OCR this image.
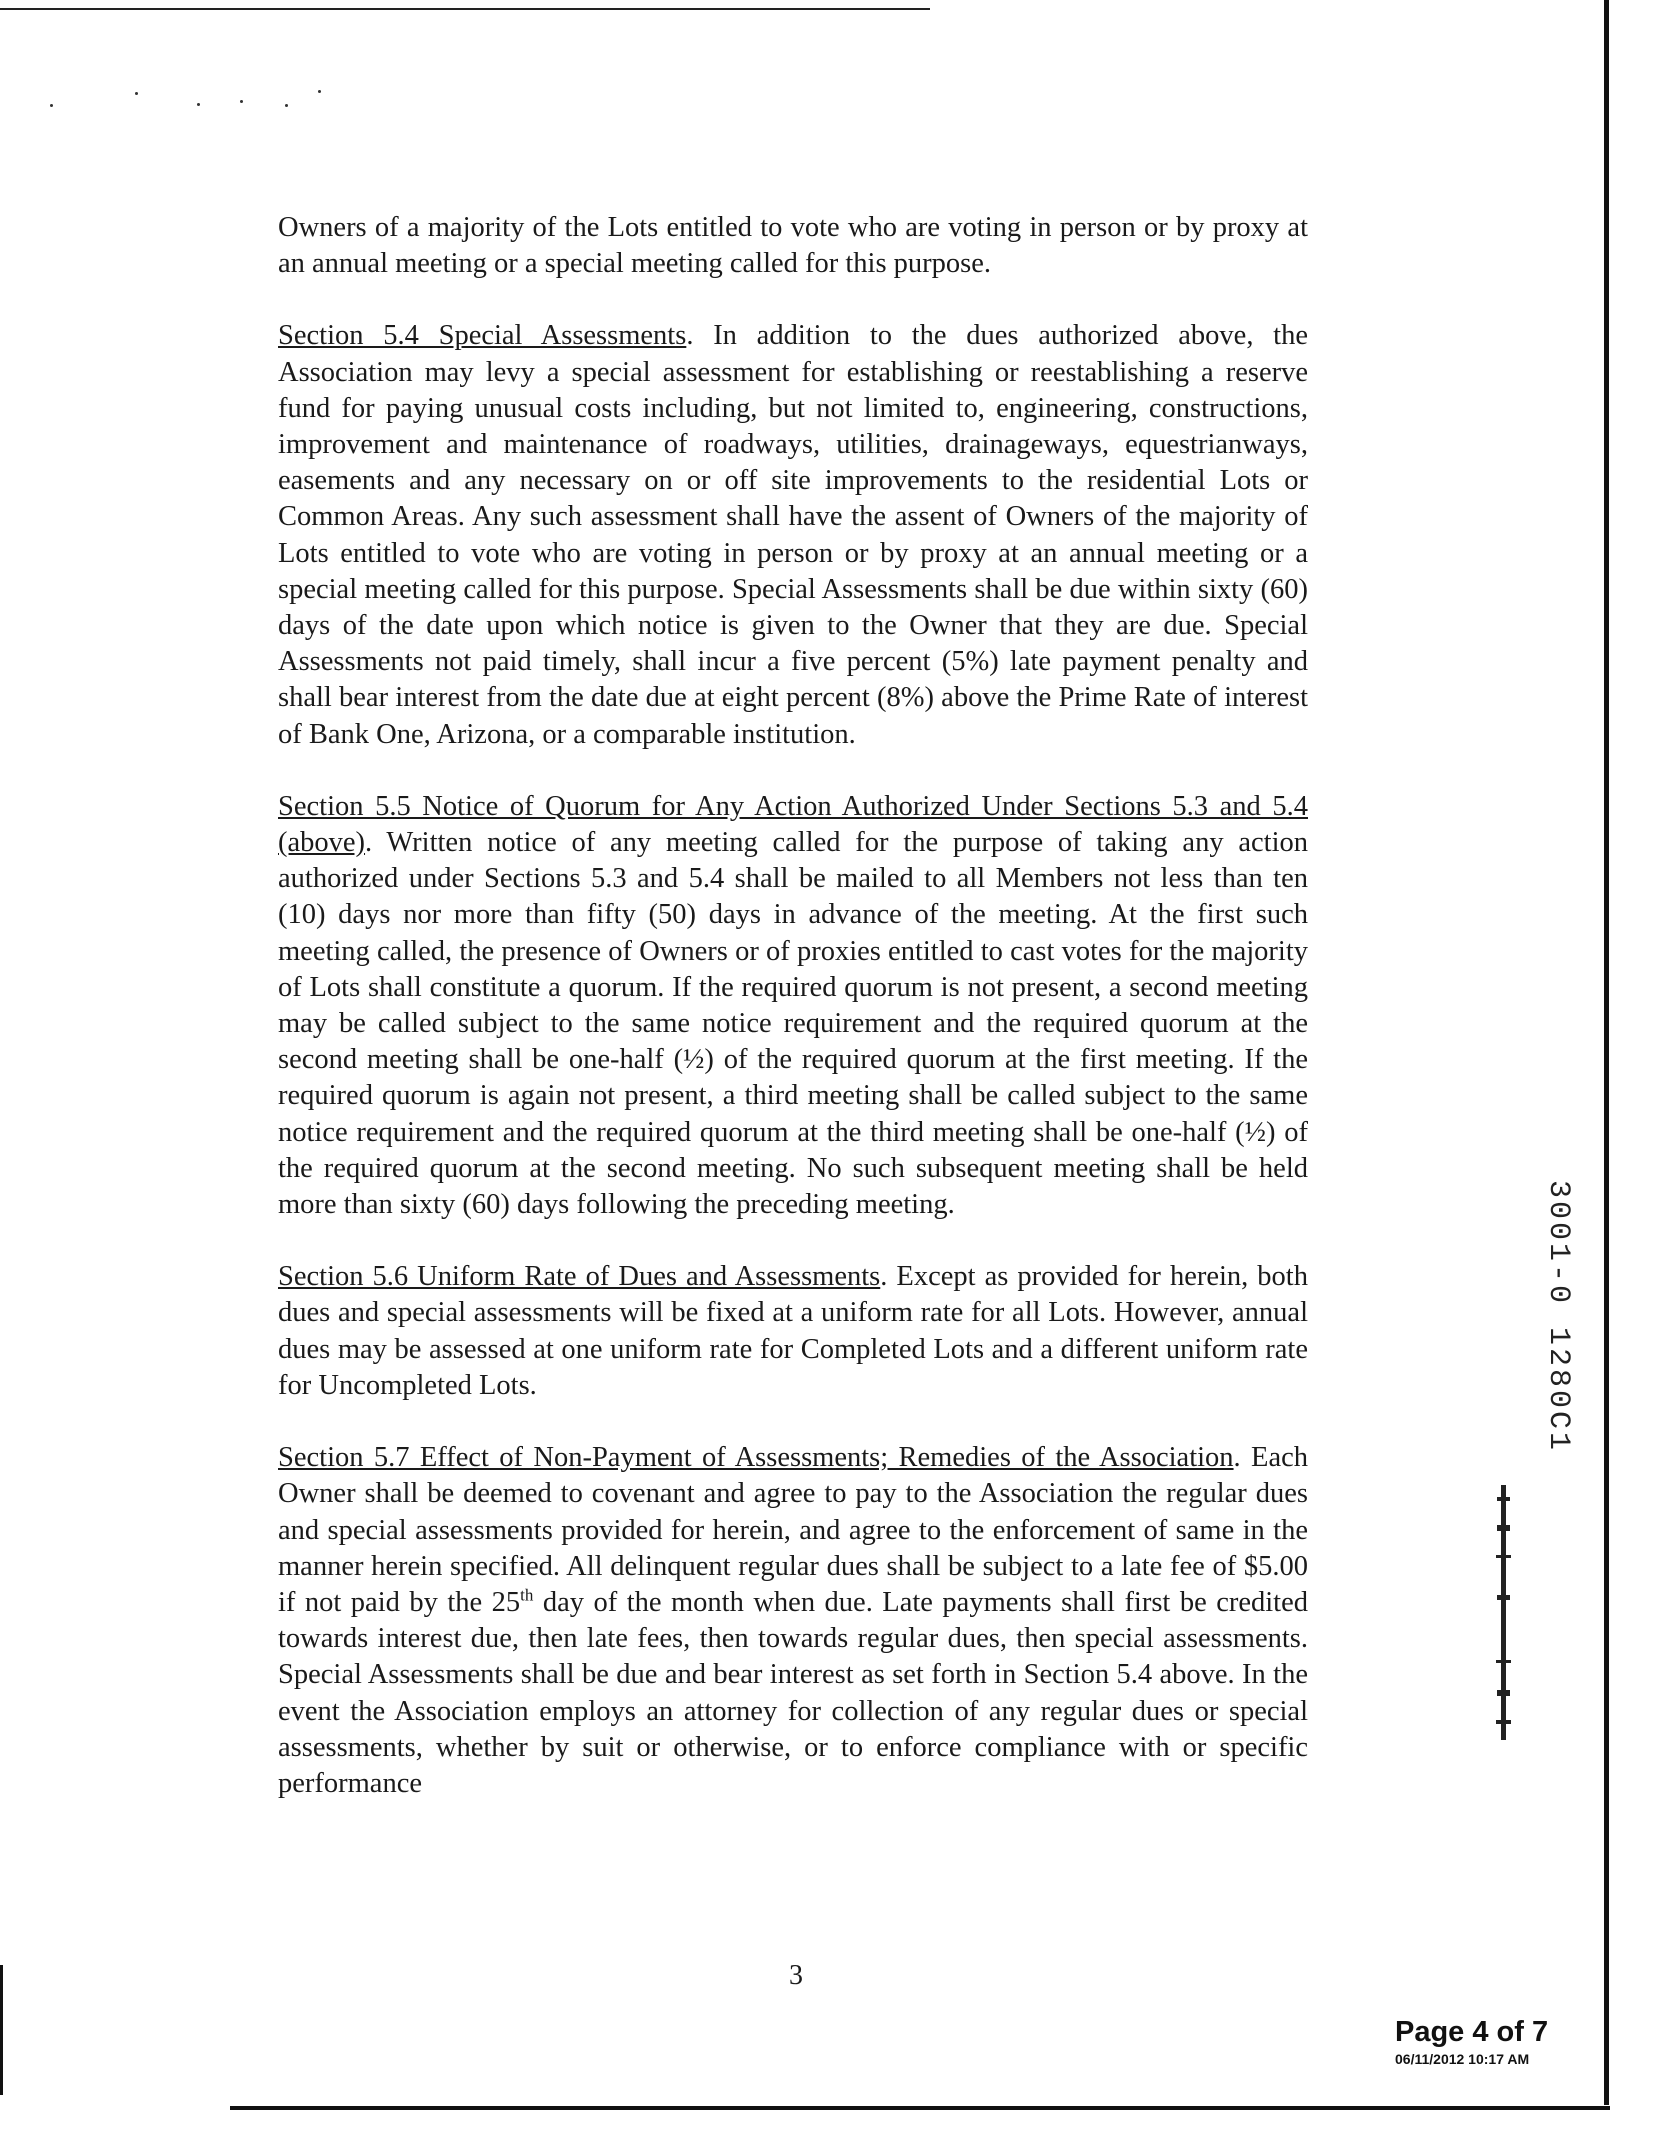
Owners of a majority of the Lots entitled to vote who are voting in person or by proxy at an annual meeting or a special meeting called for this purpose.

Section 5.4 Special Assessments. In addition to the dues authorized above, the Association may levy a special assessment for establishing or reestablishing a reserve fund for paying unusual costs including, but not limited to, engineering, constructions, improvement and maintenance of roadways, utilities, drainageways, equestrianways, easements and any necessary on or off site improvements to the residential Lots or Common Areas. Any such assessment shall have the assent of Owners of the majority of Lots entitled to vote who are voting in person or by proxy at an annual meeting or a special meeting called for this purpose. Special Assessments shall be due within sixty (60) days of the date upon which notice is given to the Owner that they are due. Special Assessments not paid timely, shall incur a five percent (5%) late payment penalty and shall bear interest from the date due at eight percent (8%) above the Prime Rate of interest of Bank One, Arizona, or a comparable institution.

Section 5.5 Notice of Quorum for Any Action Authorized Under Sections 5.3 and 5.4 (above). Written notice of any meeting called for the purpose of taking any action authorized under Sections 5.3 and 5.4 shall be mailed to all Members not less than ten (10) days nor more than fifty (50) days in advance of the meeting. At the first such meeting called, the presence of Owners or of proxies entitled to cast votes for the majority of Lots shall constitute a quorum. If the required quorum is not present, a second meeting may be called subject to the same notice requirement and the required quorum at the second meeting shall be one-half (½) of the required quorum at the first meeting. If the required quorum is again not present, a third meeting shall be called subject to the same notice requirement and the required quorum at the third meeting shall be one-half (½) of the required quorum at the second meeting. No such subsequent meeting shall be held more than sixty (60) days following the preceding meeting.

Section 5.6 Uniform Rate of Dues and Assessments. Except as provided for herein, both dues and special assessments will be fixed at a uniform rate for all Lots. However, annual dues may be assessed at one uniform rate for Completed Lots and a different uniform rate for Uncompleted Lots.

Section 5.7 Effect of Non-Payment of Assessments; Remedies of the Association. Each Owner shall be deemed to covenant and agree to pay to the Association the regular dues and special assessments provided for herein, and agree to the enforcement of same in the manner herein specified. All delinquent regular dues shall be subject to a late fee of $5.00 if not paid by the 25th day of the month when due. Late payments shall first be credited towards interest due, then late fees, then towards regular dues, then special assessments. Special Assessments shall be due and bear interest as set forth in Section 5.4 above. In the event the Association employs an attorney for collection of any regular dues or special assessments, whether by suit or otherwise, or to enforce compliance with or specific performance

3
3001-0 1280C1
Page 4 of 7
06/11/2012 10:17 AM
